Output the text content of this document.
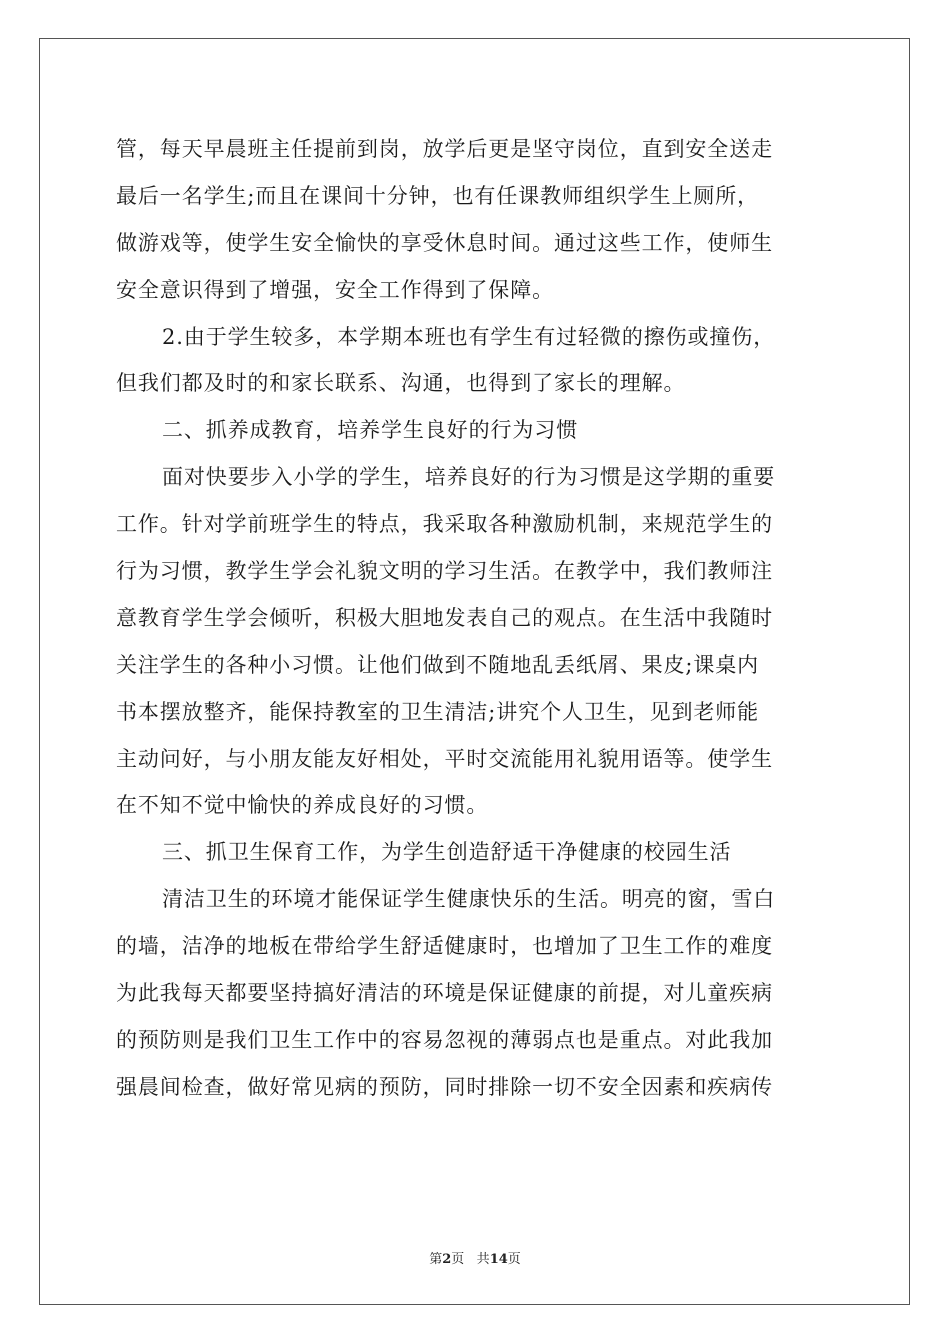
管，每天早晨班主任提前到岗，放学后更是坚守岗位，直到安全送走
最后一名学生;而且在课间十分钟，也有任课教师组织学生上厕所，
做游戏等，使学生安全愉快的享受休息时间。通过这些工作，使师生
安全意识得到了增强，安全工作得到了保障。
2.由于学生较多，本学期本班也有学生有过轻微的擦伤或撞伤，
但我们都及时的和家长联系、沟通，也得到了家长的理解。
二、抓养成教育，培养学生良好的行为习惯
面对快要步入小学的学生，培养良好的行为习惯是这学期的重要
工作。针对学前班学生的特点，我采取各种激励机制，来规范学生的
行为习惯，教学生学会礼貌文明的学习生活。在教学中，我们教师注
意教育学生学会倾听，积极大胆地发表自己的观点。在生活中我随时
关注学生的各种小习惯。让他们做到不随地乱丢纸屑、果皮;课桌内
书本摆放整齐，能保持教室的卫生清洁;讲究个人卫生，见到老师能
主动问好，与小朋友能友好相处，平时交流能用礼貌用语等。使学生
在不知不觉中愉快的养成良好的习惯。
三、抓卫生保育工作，为学生创造舒适干净健康的校园生活
清洁卫生的环境才能保证学生健康快乐的生活。明亮的窗，雪白
的墙，洁净的地板在带给学生舒适健康时，也增加了卫生工作的难度
为此我每天都要坚持搞好清洁的环境是保证健康的前提，对儿童疾病
的预防则是我们卫生工作中的容易忽视的薄弱点也是重点。对此我加
强晨间检查，做好常见病的预防，同时排除一切不安全因素和疾病传
第2页 共14页
